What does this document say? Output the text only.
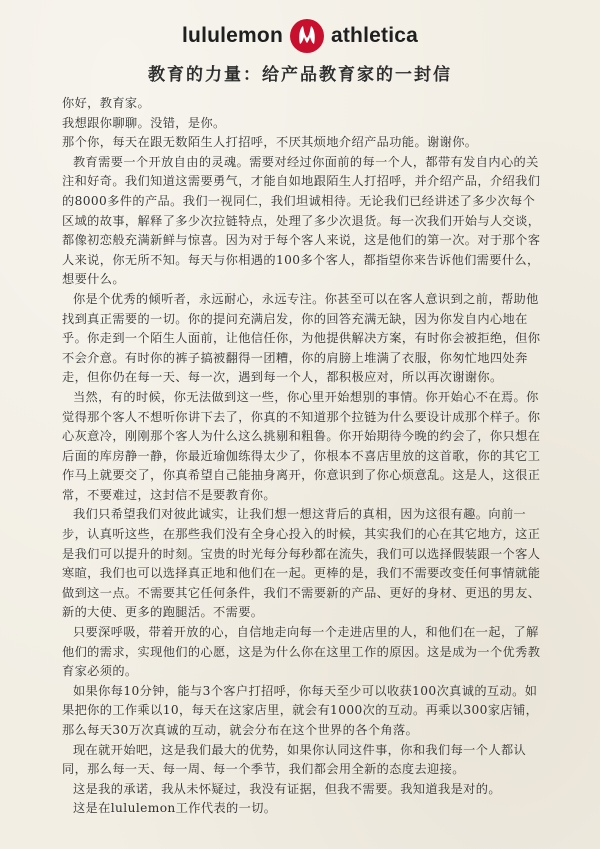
lululemon athletica
教育的力量：给产品教育家的一封信

你好，教育家。

我想跟你聊聊。没错，是你。

那个你，每天在跟无数陌生人打招呼，不厌其烦地介绍产品功能。谢谢你。

教育需要一个开放自由的灵魂。需要对经过你面前的每一个人，都带有发自内心的关注和好奇。我们知道这需要勇气，才能自如地跟陌生人打招呼，并介绍产品，介绍我们的8000多件的产品。我们一视同仁，我们坦诚相待。无论我们已经讲述了多少次每个区域的故事，解释了多少次拉链特点，处理了多少次退货。每一次我们开始与人交谈，都像初恋般充满新鲜与惊喜。因为对于每个客人来说，这是他们的第一次。对于那个客人来说，你无所不知。每天与你相遇的100多个客人，都指望你来告诉他们需要什么，想要什么。

你是个优秀的倾听者，永远耐心，永远专注。你甚至可以在客人意识到之前，帮助他找到真正需要的一切。你的提问充满启发，你的回答充满无缺，因为你发自内心地在乎。你走到一个陌生人面前，让他信任你，为他提供解决方案，有时你会被拒绝，但你不会介意。有时你的裤子搞被翻得一团糟，你的肩膀上堆满了衣服，你匆忙地四处奔走，但你仍在每一天、每一次，遇到每一个人，都积极应对，所以再次谢谢你。

当然，有的时候，你无法做到这一些，你心里开始想别的事情。你开始心不在焉。你觉得那个客人不想听你讲下去了，你真的不知道那个拉链为什么要设计成那个样子。你心灰意冷，刚刚那个客人为什么这么挑剔和粗鲁。你开始期待今晚的约会了，你只想在后面的库房静一静，你最近瑜伽练得太少了，你根本不喜店里放的这首歌，你的其它工作马上就要交了，你真希望自己能抽身离开，你意识到了你心烦意乱。这是人，这很正常，不要难过，这封信不是要教育你。

我们只希望我们对彼此诚实，让我们想一想这背后的真相，因为这很有趣。向前一步，认真听这些，在那些我们没有全身心投入的时候，其实我们的心在其它地方，这正是我们可以提升的时刻。宝贵的时光每分每秒都在流失，我们可以选择假装跟一个客人寒暄，我们也可以选择真正地和他们在一起。更棒的是，我们不需要改变任何事情就能做到这一点。不需要其它任何条件，我们不需要新的产品、更好的身材、更迅的男友、新的大使、更多的跑腿活。不需要。

只要深呼吸，带着开放的心，自信地走向每一个走进店里的人，和他们在一起，了解他们的需求，实现他们的心愿，这是为什么你在这里工作的原因。这是成为一个优秀教育家必须的。

如果你每10分钟，能与3个客户打招呼，你每天至少可以收获100次真诚的互动。如果把你的工作乘以10，每天在这家店里，就会有1000次的互动。再乘以300家店铺，那么每天30万次真诚的互动，就会分布在这个世界的各个角落。

现在就开始吧，这是我们最大的优势，如果你认同这件事，你和我们每一个人都认同，那么每一天、每一周、每一个季节，我们都会用全新的态度去迎接。

这是我的承诺，我从未怀疑过，我没有证据，但我不需要。我知道我是对的。

这是在lululemon工作代表的一切。
